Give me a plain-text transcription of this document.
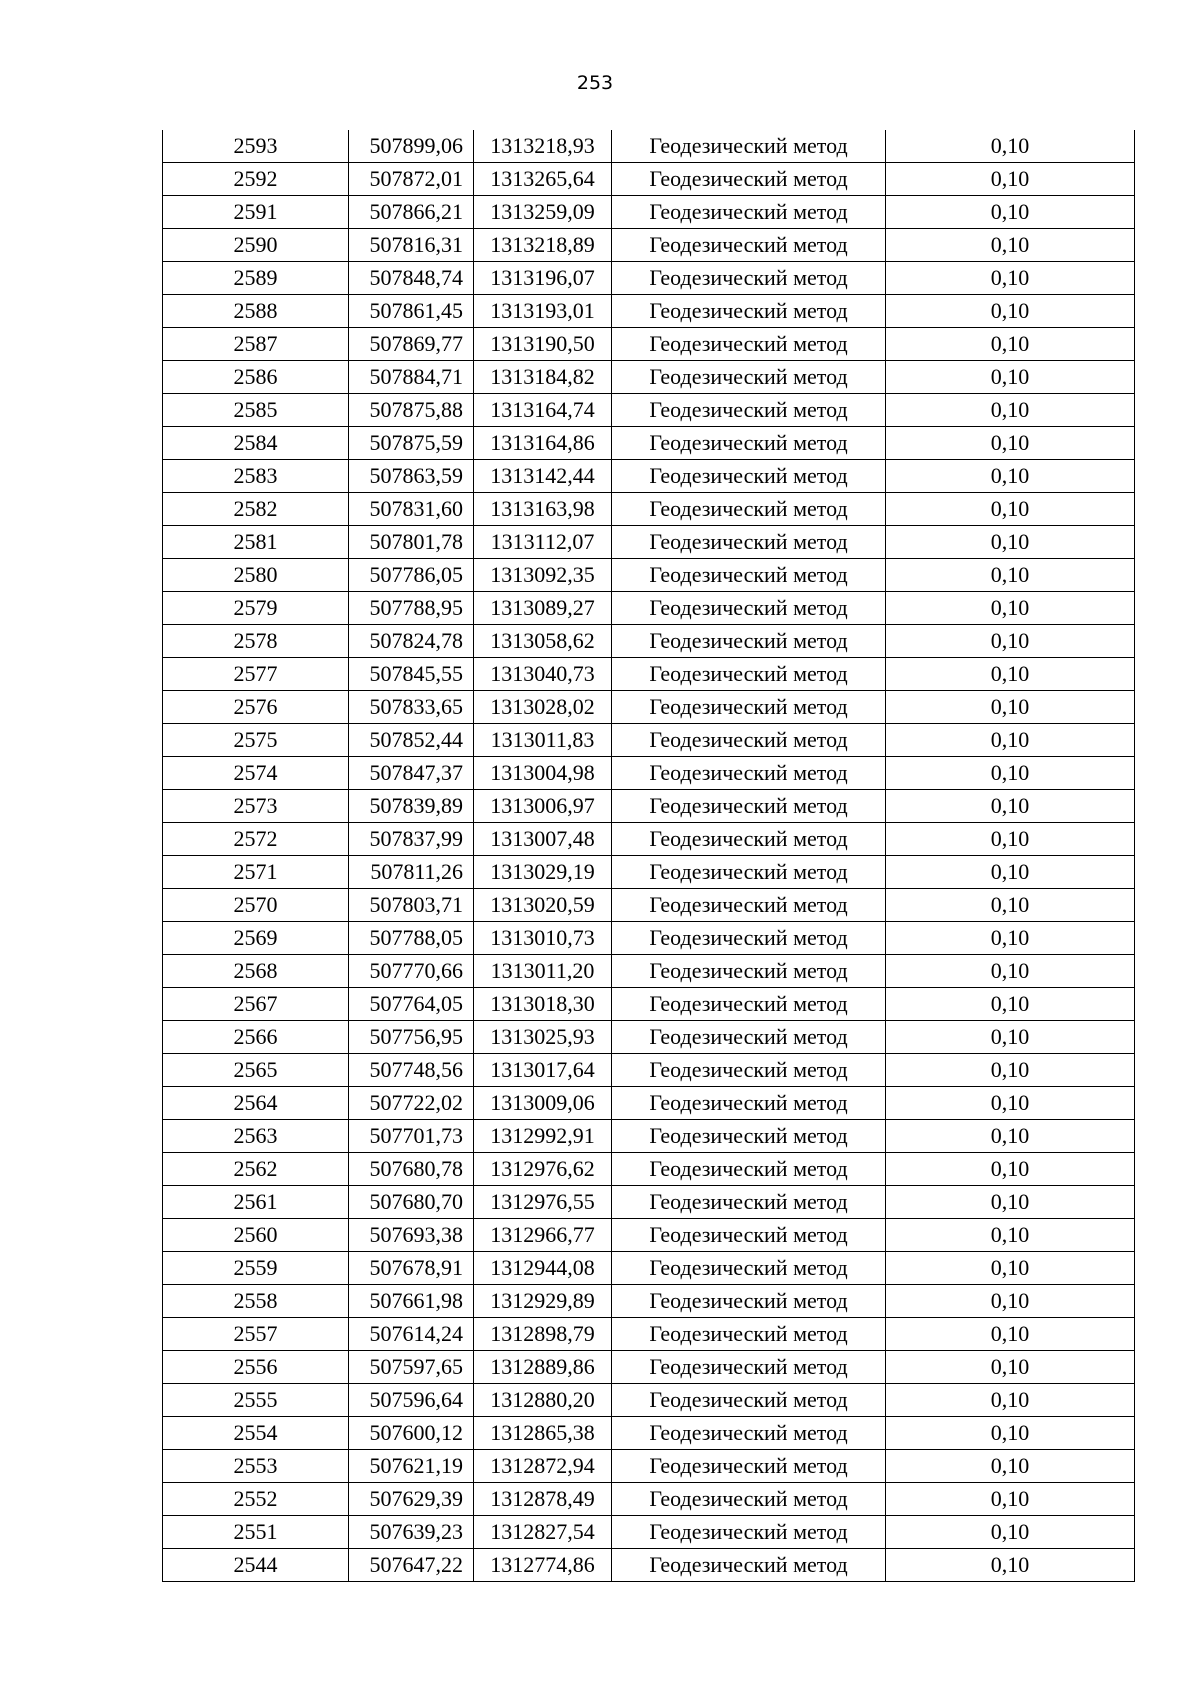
253
2593	507899,06	1313218,93	Геодезический метод	0,10
2592	507872,01	1313265,64	Геодезический метод	0,10
2591	507866,21	1313259,09	Геодезический метод	0,10
2590	507816,31	1313218,89	Геодезический метод	0,10
2589	507848,74	1313196,07	Геодезический метод	0,10
2588	507861,45	1313193,01	Геодезический метод	0,10
2587	507869,77	1313190,50	Геодезический метод	0,10
2586	507884,71	1313184,82	Геодезический метод	0,10
2585	507875,88	1313164,74	Геодезический метод	0,10
2584	507875,59	1313164,86	Геодезический метод	0,10
2583	507863,59	1313142,44	Геодезический метод	0,10
2582	507831,60	1313163,98	Геодезический метод	0,10
2581	507801,78	1313112,07	Геодезический метод	0,10
2580	507786,05	1313092,35	Геодезический метод	0,10
2579	507788,95	1313089,27	Геодезический метод	0,10
2578	507824,78	1313058,62	Геодезический метод	0,10
2577	507845,55	1313040,73	Геодезический метод	0,10
2576	507833,65	1313028,02	Геодезический метод	0,10
2575	507852,44	1313011,83	Геодезический метод	0,10
2574	507847,37	1313004,98	Геодезический метод	0,10
2573	507839,89	1313006,97	Геодезический метод	0,10
2572	507837,99	1313007,48	Геодезический метод	0,10
2571	507811,26	1313029,19	Геодезический метод	0,10
2570	507803,71	1313020,59	Геодезический метод	0,10
2569	507788,05	1313010,73	Геодезический метод	0,10
2568	507770,66	1313011,20	Геодезический метод	0,10
2567	507764,05	1313018,30	Геодезический метод	0,10
2566	507756,95	1313025,93	Геодезический метод	0,10
2565	507748,56	1313017,64	Геодезический метод	0,10
2564	507722,02	1313009,06	Геодезический метод	0,10
2563	507701,73	1312992,91	Геодезический метод	0,10
2562	507680,78	1312976,62	Геодезический метод	0,10
2561	507680,70	1312976,55	Геодезический метод	0,10
2560	507693,38	1312966,77	Геодезический метод	0,10
2559	507678,91	1312944,08	Геодезический метод	0,10
2558	507661,98	1312929,89	Геодезический метод	0,10
2557	507614,24	1312898,79	Геодезический метод	0,10
2556	507597,65	1312889,86	Геодезический метод	0,10
2555	507596,64	1312880,20	Геодезический метод	0,10
2554	507600,12	1312865,38	Геодезический метод	0,10
2553	507621,19	1312872,94	Геодезический метод	0,10
2552	507629,39	1312878,49	Геодезический метод	0,10
2551	507639,23	1312827,54	Геодезический метод	0,10
2544	507647,22	1312774,86	Геодезический метод	0,10
